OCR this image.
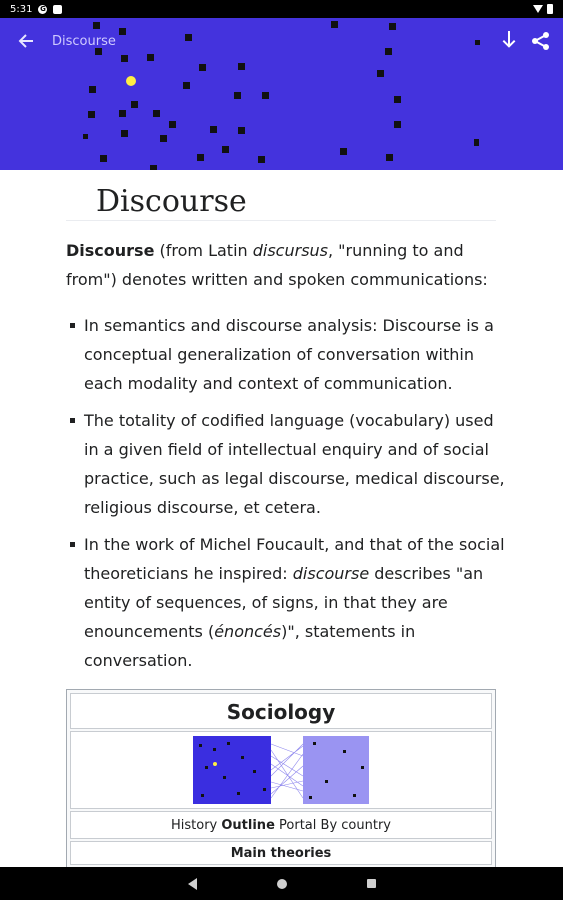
5:31 G
Discourse
Discourse
Discourse (from Latin discursus, "running to and from") denotes written and spoken communications:
In semantics and discourse analysis: Discourse is a conceptual generalization of conversation within each modality and context of communication.
The totality of codified language (vocabulary) used in a given field of intellectual enquiry and of social practice, such as legal discourse, medical discourse, religious discourse, et cetera.
In the work of Michel Foucault, and that of the social theoreticians he inspired: discourse describes "an entity of sequences, of signs, in that they are enouncements (énoncés)", statements in conversation.
Sociology
History Outline Portal By country
Main theories
